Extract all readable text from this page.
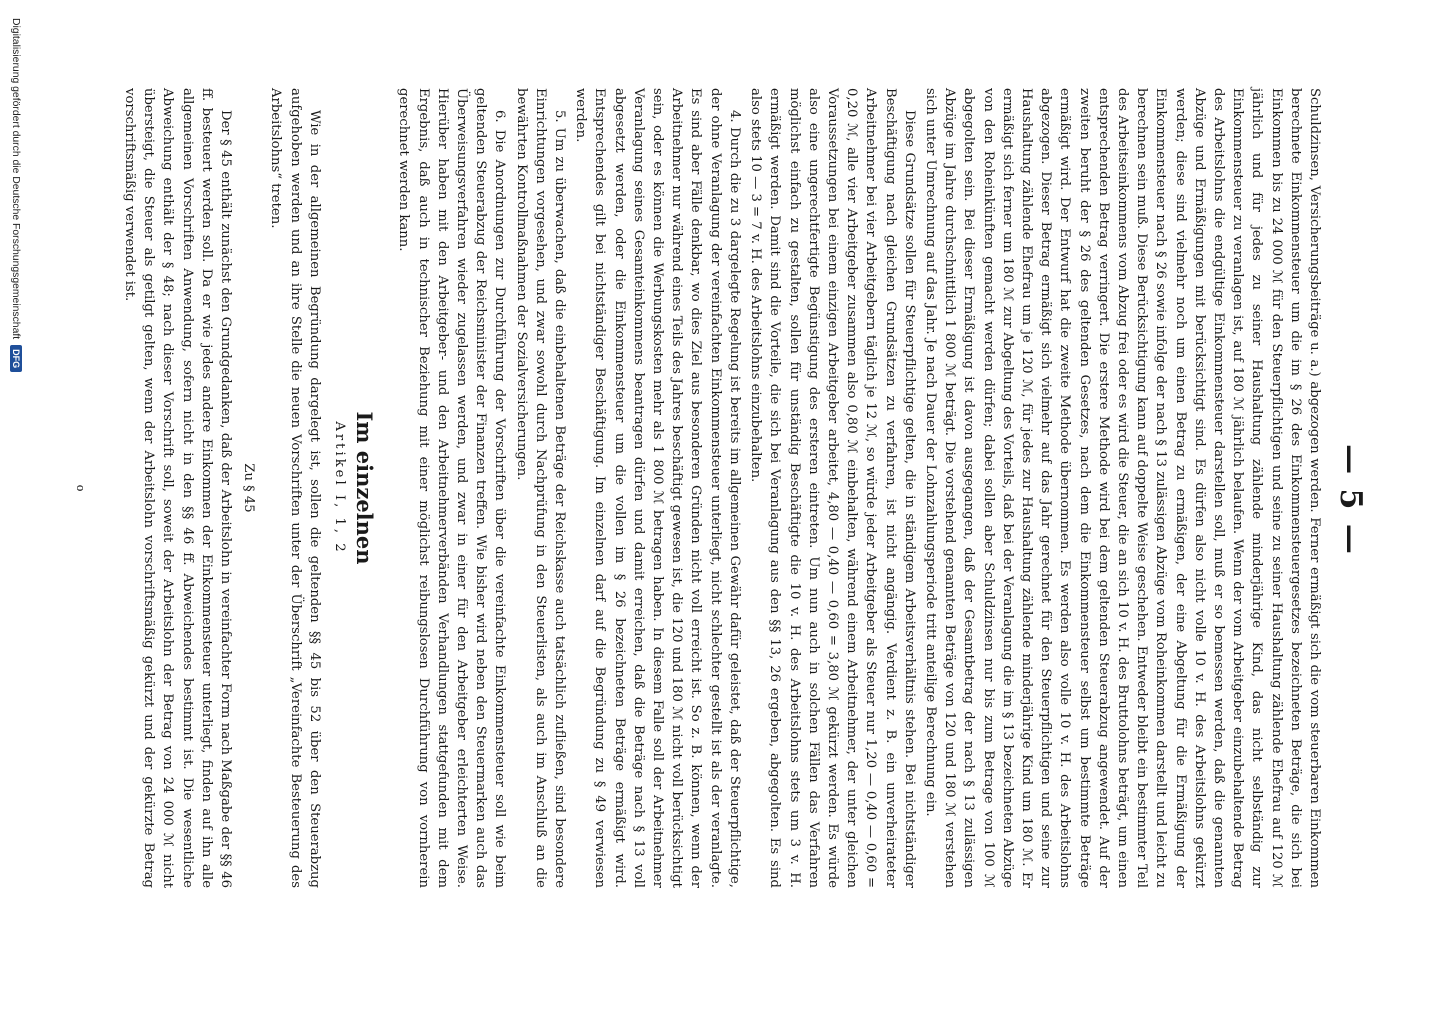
— 5 —

Schuldzinsen, Versicherungsbeiträge u. a.) abgezogen werden. Ferner ermäßigt sich die vom steuerbaren Einkommen berechnete Einkommensteuer um die im § 26 des Einkommensteuergesetzes bezeichneten Beträge, die sich bei Einkommen bis zu 24 000 ℳ für den Steuerpflichtigen und seine zu seiner Haushaltung zählende Ehefrau auf 120 ℳ jährlich und für jedes zu seiner Haushaltung zählende minderjährige Kind, das nicht selbständig zur Einkommensteuer zu veranlagen ist, auf 180 ℳ jährlich belaufen. Wenn der vom Arbeitgeber einzubehaltende Betrag des Arbeitslohns die endgültige Einkommensteuer darstellen soll, muß er so bemessen werden, daß die genannten Abzüge und Ermäßigungen mit berücksichtigt sind. Es dürfen also nicht volle 10 v. H. des Arbeitslohns gekürzt werden; diese sind vielmehr noch um einen Betrag zu ermäßigen, der eine Abgeltung für die Ermäßigung der Einkommensteuer nach § 26 sowie infolge der nach § 13 zulässigen Abzüge vom Roheinkommen darstellt und leicht zu berechnen sein muß. Diese Berücksichtigung kann auf doppelte Weise geschehen. Entweder bleibt ein bestimmter Teil des Arbeitseinkommens vom Abzug frei oder es wird die Steuer, die an sich 10 v. H. des Bruttolohns beträgt, um einen entsprechenden Betrag verringert. Die erstere Methode wird bei dem geltenden Steuerabzug angewendet. Auf der zweiten beruht der § 26 des geltenden Gesetzes, nach dem die Einkommensteuer selbst um bestimmte Beträge ermäßigt wird. Der Entwurf hat die zweite Methode übernommen. Es werden also volle 10 v. H. des Arbeitslohns abgezogen. Dieser Betrag ermäßigt sich vielmehr auf das Jahr gerechnet für den Steuerpflichtigen und seine zur Haushaltung zählende Ehefrau um je 120 ℳ, für jedes zur Haushaltung zählende minderjährige Kind um 180 ℳ. Er ermäßigt sich ferner um 180 ℳ zur Abgeltung des Vorteils, daß bei der Veranlagung die im § 13 bezeichneten Abzüge von den Roheinkünften gemacht werden dürfen; dabei sollen aber Schuldzinsen nur bis zum Betrage von 100 ℳ abgegolten sein. Bei dieser Ermäßigung ist davon ausgegangen, daß der Gesamtbetrag der nach § 13 zulässigen Abzüge im Jahre durchschnittlich 1 800 ℳ beträgt. Die vorstehend genannten Beträge von 120 und 180 ℳ verstehen sich unter Umrechnung auf das Jahr. Je nach Dauer der Lohnzahlungsperiode tritt anteilige Berechnung ein.

Diese Grundsätze sollen für Steuerpflichtige gelten, die in ständigem Arbeitsverhältnis stehen. Bei nichtständiger Beschäftigung nach gleichen Grundsätzen zu verfahren, ist nicht angängig. Verdient z. B. ein unverheirateter Arbeitnehmer bei vier Arbeitgebern täglich je 12 ℳ, so würde jeder Arbeitgeber als Steuer nur 1,20 — 0,40 — 0,60 = 0,20 ℳ, alle vier Arbeitgeber zusammen also 0,80 ℳ einbehalten, während einem Arbeitnehmer, der unter gleichen Voraussetzungen bei einem einzigen Arbeitgeber arbeitet, 4,80 — 0,40 — 0,60 = 3,80 ℳ gekürzt werden. Es würde also eine ungerechtfertigte Begünstigung des ersteren eintreten. Um nun auch in solchen Fällen das Verfahren möglichst einfach zu gestalten, sollen für unständig Beschäftigte die 10 v. H. des Arbeitslohns stets um 3 v. H. ermäßigt werden. Damit sind die Vorteile, die sich bei Veranlagung aus den §§ 13, 26 ergeben, abgegolten. Es sind also stets 10 — 3 = 7 v. H. des Arbeitslohns einzubehalten.

4. Durch die zu 3 dargelegte Regelung ist bereits im allgemeinen Gewähr dafür geleistet, daß der Steuerpflichtige, der ohne Veranlagung der vereinfachten Einkommensteuer unterliegt, nicht schlechter gestellt ist als der veranlagte. Es sind aber Fälle denkbar, wo dies Ziel aus besonderen Gründen nicht voll erreicht ist. So z. B. können, wenn der Arbeitnehmer nur während eines Teils des Jahres beschäftigt gewesen ist, die 120 und 180 ℳ nicht voll berücksichtigt sein, oder es können die Werbungskosten mehr als 1 800 ℳ betragen haben. In diesem Falle soll der Arbeitnehmer Veranlagung seines Gesamteinkommens beantragen dürfen und damit erreichen, daß die Beträge nach § 13 voll abgesetzt werden, oder die Einkommensteuer um die vollen im § 26 bezeichneten Beträge ermäßigt wird. Entsprechendes gilt bei nichtständiger Beschäftigung. Im einzelnen darf auf die Begründung zu § 49 verwiesen werden.

5. Um zu überwachen, daß die einbehaltenen Beträge der Reichskasse auch tatsächlich zufließen, sind besondere Einrichtungen vorgesehen, und zwar sowohl durch Nachprüfung in den Steuerlisten, als auch im Anschluß an die bewährten Kontrollmaßnahmen der Sozialversicherungen.

6. Die Anordnungen zur Durchführung der Vorschriften über die vereinfachte Einkommensteuer soll wie beim geltenden Steuerabzug der Reichsminister der Finanzen treffen. Wie bisher wird neben den Steuermarken auch das Überweisungsverfahren wieder zugelassen werden, und zwar in einer für den Arbeitgeber erleichterten Weise. Hierüber haben mit den Arbeitgeber- und den Arbeitnehmerverbänden Verhandlungen stattgefunden mit dem Ergebnis, daß auch in technischer Beziehung mit einer möglichst reibungslosen Durchführung von vornherein gerechnet werden kann.

Im einzelnen
Artikel I, 1, 2

Wie in der allgemeinen Begründung dargelegt ist, sollen die geltenden §§ 45 bis 52 über den Steuerabzug aufgehoben werden und an ihre Stelle die neuen Vorschriften unter der Überschrift „Vereinfachte Besteuerung des Arbeitslohns“ treten.

Zu § 45

Der § 45 enthält zunächst den Grundgedanken, daß der Arbeitslohn in vereinfachter Form nach Maßgabe der §§ 46 ff. besteuert werden soll. Da er wie jedes andere Einkommen der Einkommensteuer unterliegt, finden auf ihn alle allgemeinen Vorschriften Anwendung, sofern nicht in den §§ 46 ff. Abweichendes bestimmt ist. Die wesentliche Abweichung enthält der § 48; nach dieser Vorschrift soll, soweit der Arbeitslohn der Betrag von 24 000 ℳ nicht übersteigt, die Steuer als getilgt gelten, wenn der Arbeitslohn vorschriftsmäßig gekürzt und der gekürzte Betrag vorschriftsmäßig verwendet ist.

o
Digitalisierung gefördert durch die Deutsche Forschungsgemeinschaft
DFG
